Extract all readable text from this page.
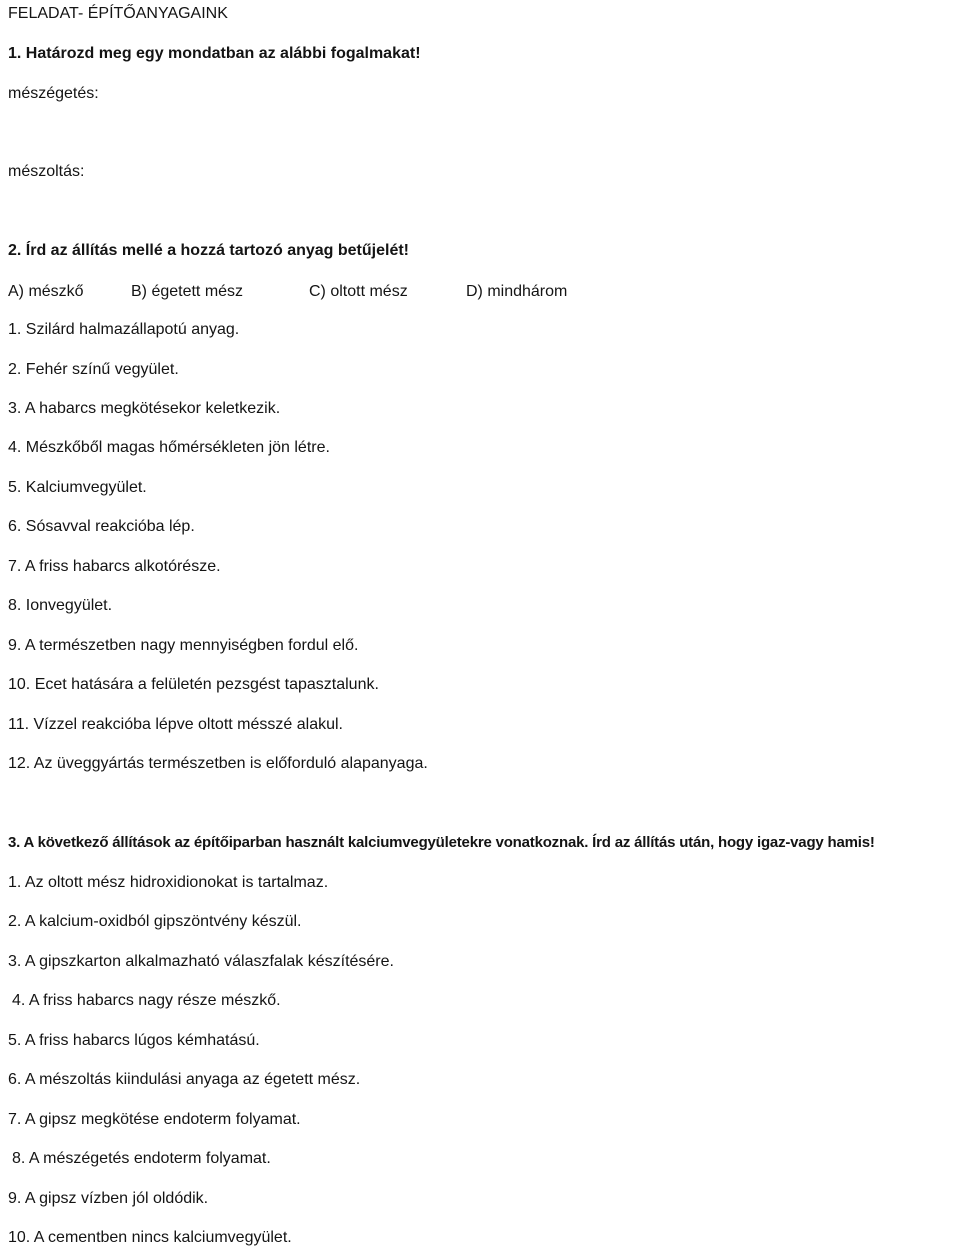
FELADAT- ÉPÍTŐANYAGAINK
1. Határozd meg egy mondatban az alábbi fogalmakat!
mészégetés:
mészoltás:
2. Írd az állítás mellé a hozzá tartozó anyag betűjelét!
A) mészkő	B) égetett mész	C) oltott mész	D) mindhárom
1. Szilárd halmazállapotú anyag.
2. Fehér színű vegyület.
3. A habarcs megkötésekor keletkezik.
4. Mészkőből magas hőmérsékleten jön létre.
5. Kalciumvegyület.
6. Sósavval reakcióba lép.
7. A friss habarcs alkotórésze.
8. Ionvegyület.
9. A természetben nagy mennyiségben fordul elő.
10. Ecet hatására a felületén pezsgést tapasztalunk.
11. Vízzel reakcióba lépve oltott mésszé alakul.
12. Az üveggyártás természetben is előforduló alapanyaga.
3. A következő állítások az építőiparban használt kalciumvegyületekre vonatkoznak. Írd az állítás után, hogy igaz-vagy hamis!
1. Az oltott mész hidroxidionokat is tartalmaz.
2. A kalcium-oxidból gipszöntvény készül.
3. A gipszkarton alkalmazható válaszfalak készítésére.
4. A friss habarcs nagy része mészkő.
5. A friss habarcs lúgos kémhatású.
6. A mészoltás kiindulási anyaga az égetett mész.
7. A gipsz megkötése endoterm folyamat.
8. A mészégetés endoterm folyamat.
9. A gipsz vízben jól oldódik.
10. A cementben nincs kalciumvegyület.
